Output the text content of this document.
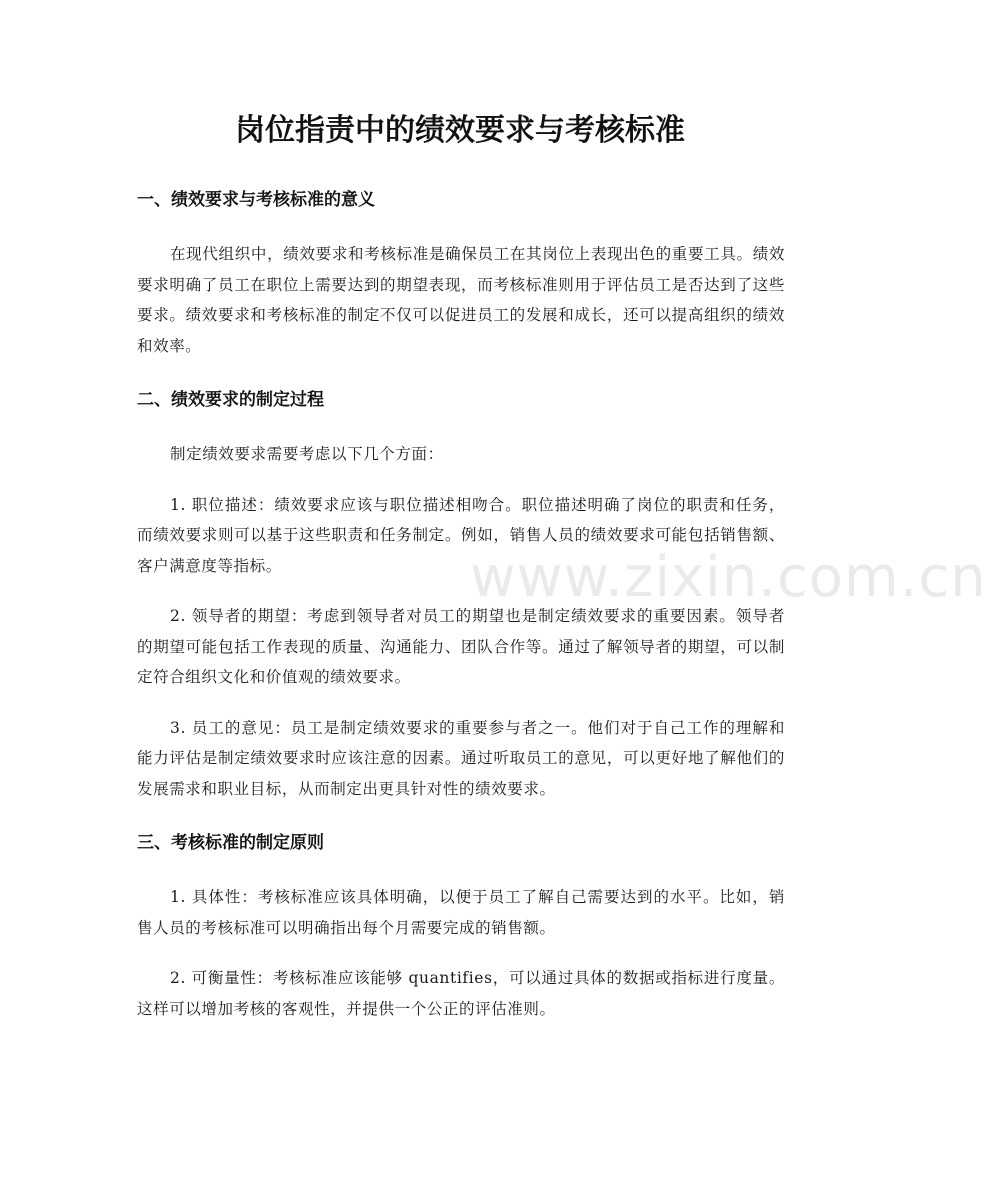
岗位指责中的绩效要求与考核标准
一、绩效要求与考核标准的意义

在现代组织中，绩效要求和考核标准是确保员工在其岗位上表现出色的重要工具。绩效要求明确了员工在职位上需要达到的期望表现，而考核标准则用于评估员工是否达到了这些要求。绩效要求和考核标准的制定不仅可以促进员工的发展和成长，还可以提高组织的绩效和效率。

二、绩效要求的制定过程

制定绩效要求需要考虑以下几个方面：

1. 职位描述：绩效要求应该与职位描述相吻合。职位描述明确了岗位的职责和任务，而绩效要求则可以基于这些职责和任务制定。例如，销售人员的绩效要求可能包括销售额、客户满意度等指标。

2. 领导者的期望：考虑到领导者对员工的期望也是制定绩效要求的重要因素。领导者的期望可能包括工作表现的质量、沟通能力、团队合作等。通过了解领导者的期望，可以制定符合组织文化和价值观的绩效要求。

3. 员工的意见：员工是制定绩效要求的重要参与者之一。他们对于自己工作的理解和能力评估是制定绩效要求时应该注意的因素。通过听取员工的意见，可以更好地了解他们的发展需求和职业目标，从而制定出更具针对性的绩效要求。

三、考核标准的制定原则

1. 具体性：考核标准应该具体明确，以便于员工了解自己需要达到的水平。比如，销售人员的考核标准可以明确指出每个月需要完成的销售额。

2. 可衡量性：考核标准应该能够 quantifies，可以通过具体的数据或指标进行度量。这样可以增加考核的客观性，并提供一个公正的评估准则。

www.zixin.com.cn
